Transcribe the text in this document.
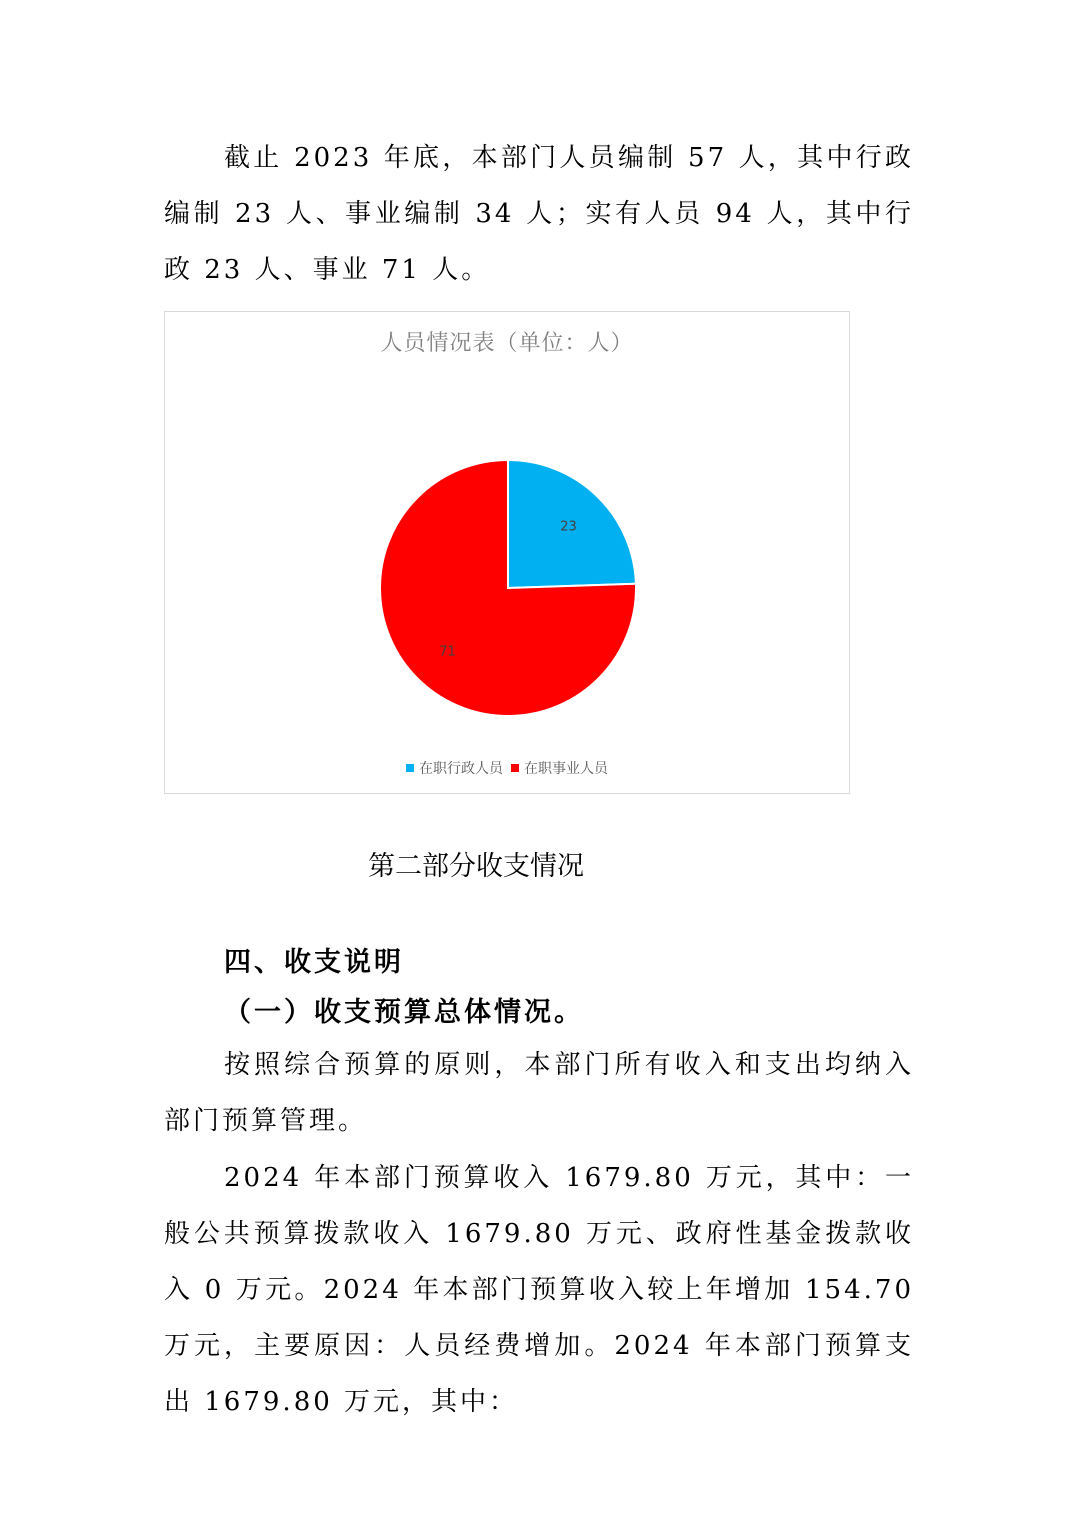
截止 2023 年底，本部门人员编制 57 人，其中行政编制 23 人、事业编制 34 人；实有人员 94 人，其中行政 23 人、事业 71 人。

人员情况表（单位：人）
23
71
在职行政人员 在职事业人员
第二部分收支情况
四、收支说明
（一）收支预算总体情况。

按照综合预算的原则，本部门所有收入和支出均纳入部门预算管理。

2024 年本部门预算收入 1679.80 万元，其中：一般公共预算拨款收入 1679.80 万元、政府性基金拨款收入 0 万元。2024 年本部门预算收入较上年增加 154.70 万元，主要原因：人员经费增加。2024 年本部门预算支出 1679.80 万元，其中：
